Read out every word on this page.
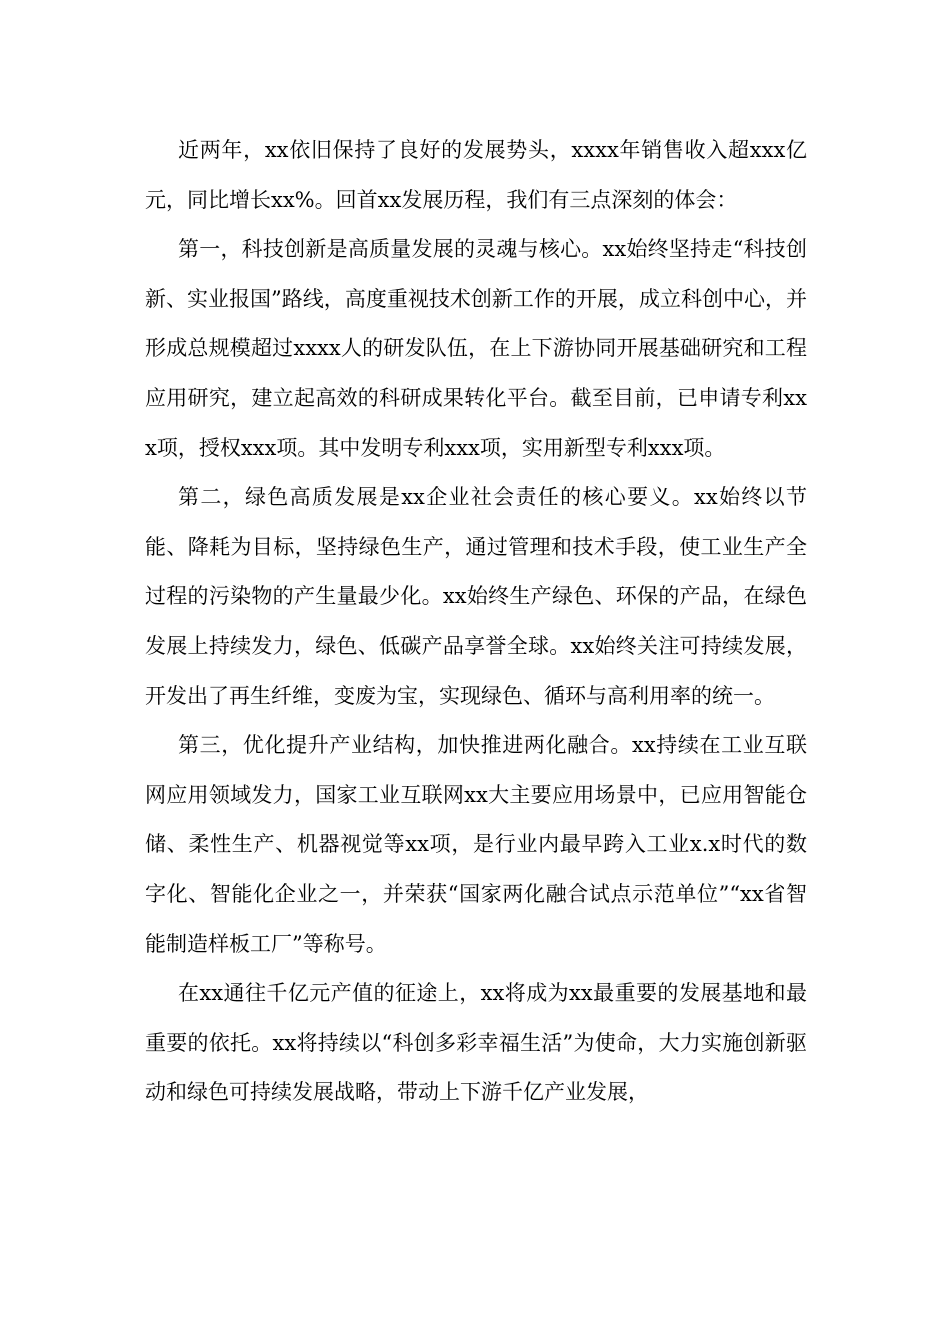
近两年，xx依旧保持了良好的发展势头，xxxx年销售收入超xxx亿元，同比增长xx%。回首xx发展历程，我们有三点深刻的体会：

第一，科技创新是高质量发展的灵魂与核心。xx始终坚持走“科技创新、实业报国”路线，高度重视技术创新工作的开展，成立科创中心，并形成总规模超过xxxx人的研发队伍，在上下游协同开展基础研究和工程应用研究，建立起高效的科研成果转化平台。截至目前，已申请专利xxx项，授权xxx项。其中发明专利xxx项，实用新型专利xxx项。

第二，绿色高质发展是xx企业社会责任的核心要义。xx始终以节能、降耗为目标，坚持绿色生产，通过管理和技术手段，使工业生产全过程的污染物的产生量最少化。xx始终生产绿色、环保的产品，在绿色发展上持续发力，绿色、低碳产品享誉全球。xx始终关注可持续发展，开发出了再生纤维，变废为宝，实现绿色、循环与高利用率的统一。

第三，优化提升产业结构，加快推进两化融合。xx持续在工业互联网应用领域发力，国家工业互联网xx大主要应用场景中，已应用智能仓储、柔性生产、机器视觉等xx项，是行业内最早跨入工业x.x时代的数字化、智能化企业之一，并荣获“国家两化融合试点示范单位”“xx省智能制造样板工厂”等称号。

在xx通往千亿元产值的征途上，xx将成为xx最重要的发展基地和最重要的依托。xx将持续以“科创多彩幸福生活”为使命，大力实施创新驱动和绿色可持续发展战略，带动上下游千亿产业发展，
